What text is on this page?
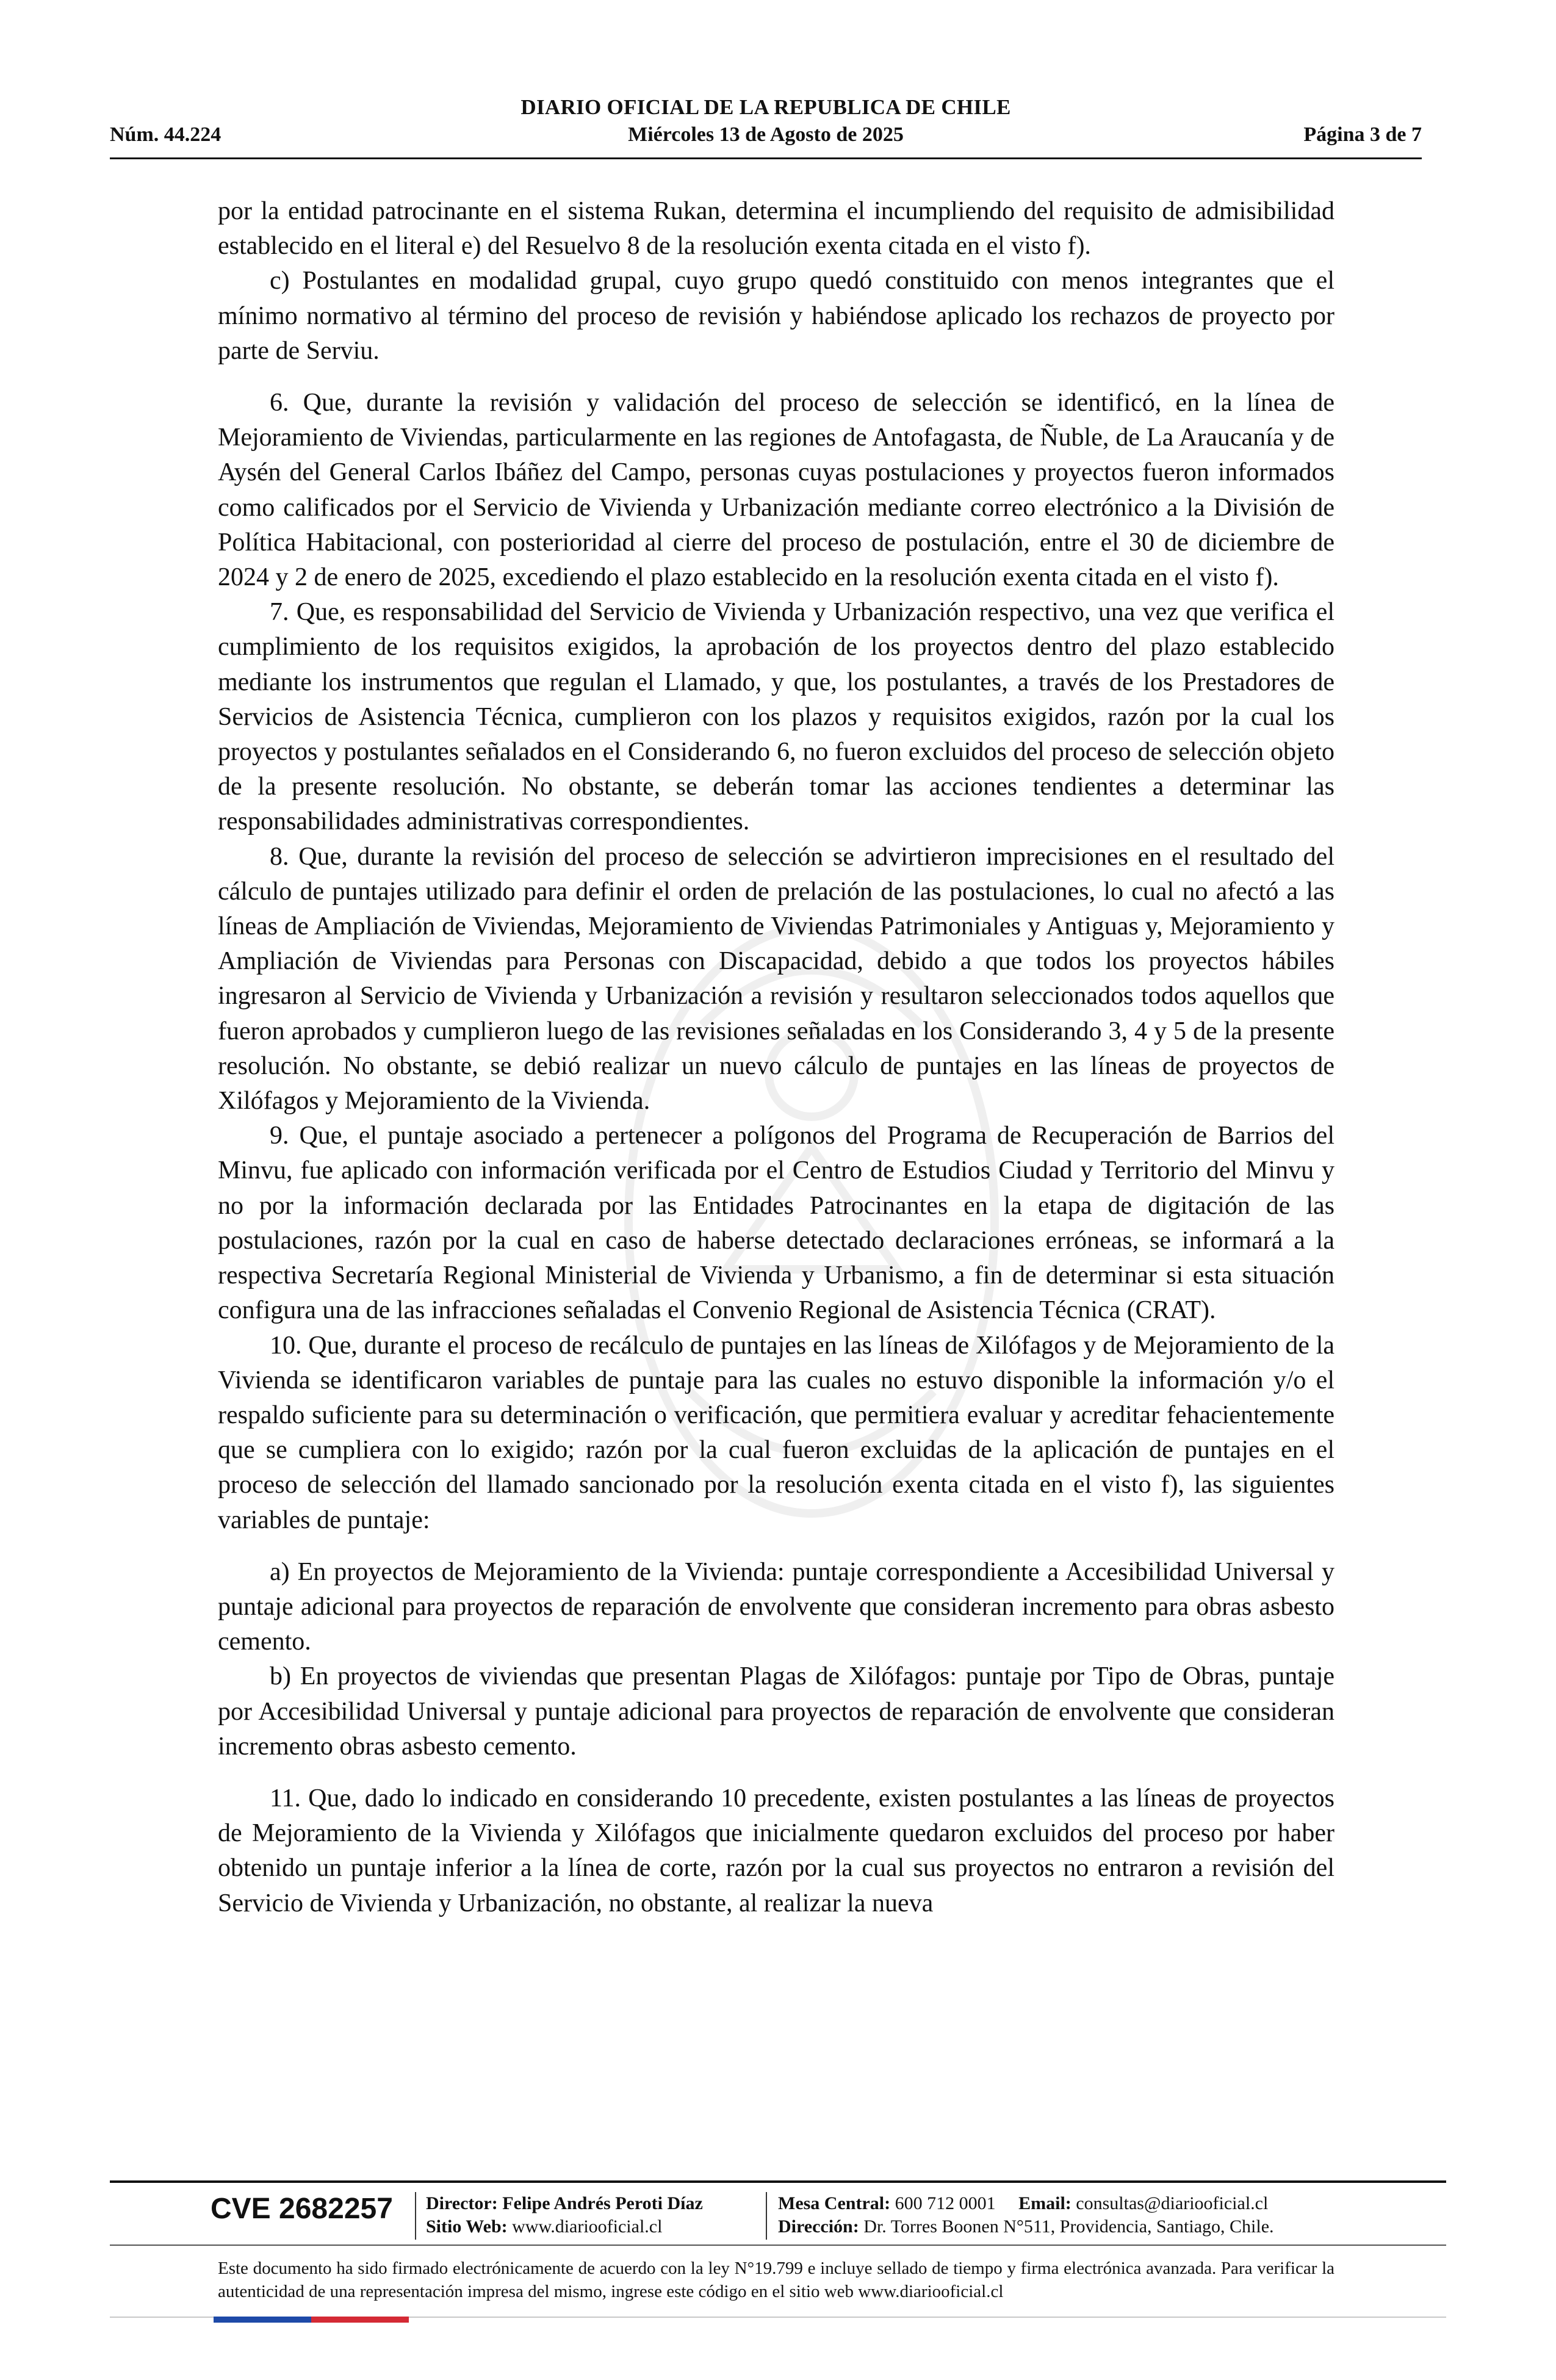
DIARIO OFICIAL DE LA REPUBLICA DE CHILE
Núm. 44.224	Miércoles 13 de Agosto de 2025	Página 3 de 7

por la entidad patrocinante en el sistema Rukan, determina el incumpliendo del requisito de admisibilidad establecido en el literal e) del Resuelvo 8 de la resolución exenta citada en el visto f).

c) Postulantes en modalidad grupal, cuyo grupo quedó constituido con menos integrantes que el mínimo normativo al término del proceso de revisión y habiéndose aplicado los rechazos de proyecto por parte de Serviu.

6. Que, durante la revisión y validación del proceso de selección se identificó, en la línea de Mejoramiento de Viviendas, particularmente en las regiones de Antofagasta, de Ñuble, de La Araucanía y de Aysén del General Carlos Ibáñez del Campo, personas cuyas postulaciones y proyectos fueron informados como calificados por el Servicio de Vivienda y Urbanización mediante correo electrónico a la División de Política Habitacional, con posterioridad al cierre del proceso de postulación, entre el 30 de diciembre de 2024 y 2 de enero de 2025, excediendo el plazo establecido en la resolución exenta citada en el visto f).

7. Que, es responsabilidad del Servicio de Vivienda y Urbanización respectivo, una vez que verifica el cumplimiento de los requisitos exigidos, la aprobación de los proyectos dentro del plazo establecido mediante los instrumentos que regulan el Llamado, y que, los postulantes, a través de los Prestadores de Servicios de Asistencia Técnica, cumplieron con los plazos y requisitos exigidos, razón por la cual los proyectos y postulantes señalados en el Considerando 6, no fueron excluidos del proceso de selección objeto de la presente resolución. No obstante, se deberán tomar las acciones tendientes a determinar las responsabilidades administrativas correspondientes.

8. Que, durante la revisión del proceso de selección se advirtieron imprecisiones en el resultado del cálculo de puntajes utilizado para definir el orden de prelación de las postulaciones, lo cual no afectó a las líneas de Ampliación de Viviendas, Mejoramiento de Viviendas Patrimoniales y Antiguas y, Mejoramiento y Ampliación de Viviendas para Personas con Discapacidad, debido a que todos los proyectos hábiles ingresaron al Servicio de Vivienda y Urbanización a revisión y resultaron seleccionados todos aquellos que fueron aprobados y cumplieron luego de las revisiones señaladas en los Considerando 3, 4 y 5 de la presente resolución. No obstante, se debió realizar un nuevo cálculo de puntajes en las líneas de proyectos de Xilófagos y Mejoramiento de la Vivienda.

9. Que, el puntaje asociado a pertenecer a polígonos del Programa de Recuperación de Barrios del Minvu, fue aplicado con información verificada por el Centro de Estudios Ciudad y Territorio del Minvu y no por la información declarada por las Entidades Patrocinantes en la etapa de digitación de las postulaciones, razón por la cual en caso de haberse detectado declaraciones erróneas, se informará a la respectiva Secretaría Regional Ministerial de Vivienda y Urbanismo, a fin de determinar si esta situación configura una de las infracciones señaladas el Convenio Regional de Asistencia Técnica (CRAT).

10. Que, durante el proceso de recálculo de puntajes en las líneas de Xilófagos y de Mejoramiento de la Vivienda se identificaron variables de puntaje para las cuales no estuvo disponible la información y/o el respaldo suficiente para su determinación o verificación, que permitiera evaluar y acreditar fehacientemente que se cumpliera con lo exigido; razón por la cual fueron excluidas de la aplicación de puntajes en el proceso de selección del llamado sancionado por la resolución exenta citada en el visto f), las siguientes variables de puntaje:

a) En proyectos de Mejoramiento de la Vivienda: puntaje correspondiente a Accesibilidad Universal y puntaje adicional para proyectos de reparación de envolvente que consideran incremento para obras asbesto cemento.

b) En proyectos de viviendas que presentan Plagas de Xilófagos: puntaje por Tipo de Obras, puntaje por Accesibilidad Universal y puntaje adicional para proyectos de reparación de envolvente que consideran incremento obras asbesto cemento.

11. Que, dado lo indicado en considerando 10 precedente, existen postulantes a las líneas de proyectos de Mejoramiento de la Vivienda y Xilófagos que inicialmente quedaron excluidos del proceso por haber obtenido un puntaje inferior a la línea de corte, razón por la cual sus proyectos no entraron a revisión del Servicio de Vivienda y Urbanización, no obstante, al realizar la nueva

CVE 2682257 Director: Felipe Andrés Peroti Díaz
Sitio Web: www.diariooficial.cl
Mesa Central: 600 712 0001 Email: consultas@diariooficial.cl
Dirección: Dr. Torres Boonen N°511, Providencia, Santiago, Chile.
Este documento ha sido firmado electrónicamente de acuerdo con la ley N°19.799 e incluye sellado de tiempo y firma electrónica avanzada. Para verificar la autenticidad de una representación impresa del mismo, ingrese este código en el sitio web www.diariooficial.cl
